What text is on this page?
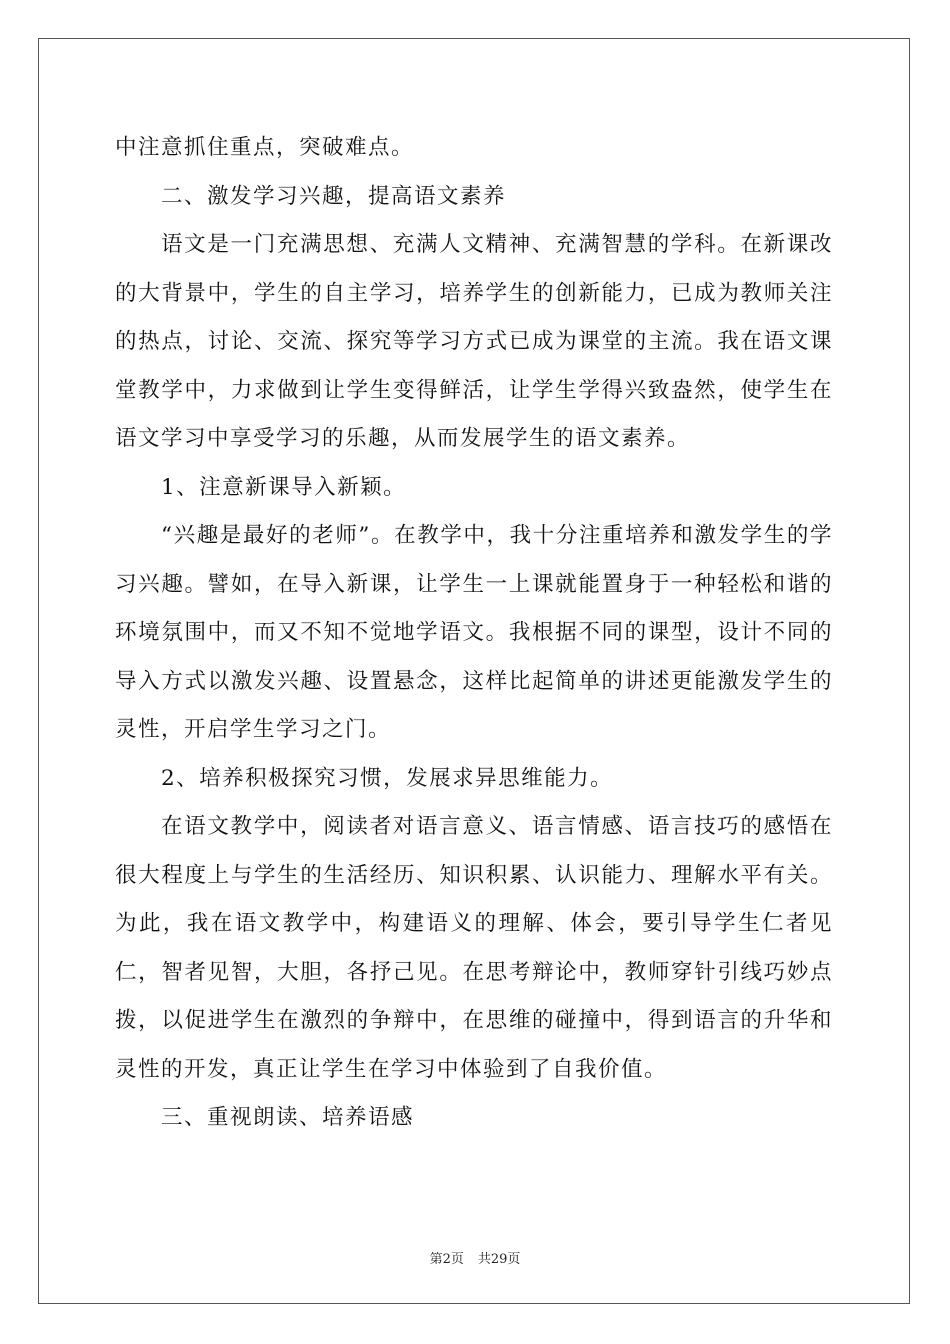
中注意抓住重点，突破难点。

二、激发学习兴趣，提高语文素养

语文是一门充满思想、充满人文精神、充满智慧的学科。在新课改的大背景中，学生的自主学习，培养学生的创新能力，已成为教师关注的热点，讨论、交流、探究等学习方式已成为课堂的主流。我在语文课堂教学中，力求做到让学生变得鲜活，让学生学得兴致盎然，使学生在语文学习中享受学习的乐趣，从而发展学生的语文素养。

1、注意新课导入新颖。

“兴趣是最好的老师”。在教学中，我十分注重培养和激发学生的学习兴趣。譬如，在导入新课，让学生一上课就能置身于一种轻松和谐的环境氛围中，而又不知不觉地学语文。我根据不同的课型，设计不同的导入方式以激发兴趣、设置悬念，这样比起简单的讲述更能激发学生的灵性，开启学生学习之门。

2、培养积极探究习惯，发展求异思维能力。

在语文教学中，阅读者对语言意义、语言情感、语言技巧的感悟在很大程度上与学生的生活经历、知识积累、认识能力、理解水平有关。为此，我在语文教学中，构建语义的理解、体会，要引导学生仁者见仁，智者见智，大胆，各抒己见。在思考辩论中，教师穿针引线巧妙点拨，以促进学生在激烈的争辩中，在思维的碰撞中，得到语言的升华和灵性的开发，真正让学生在学习中体验到了自我价值。

三、重视朗读、培养语感

第2页 共29页
